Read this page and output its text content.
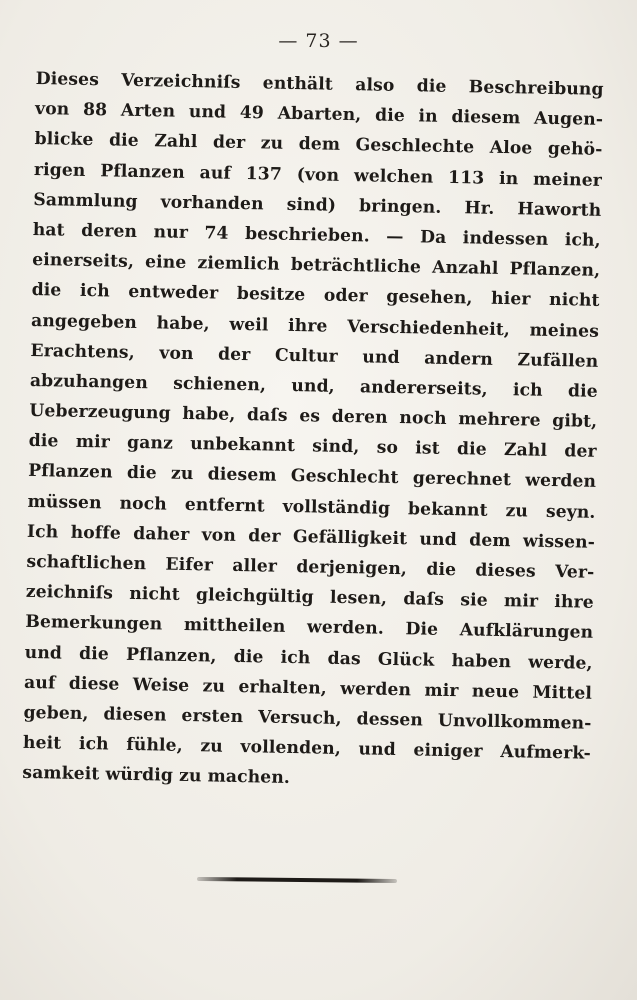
— 73 —
Dieses Verzeichniſs enthält also die Beschreibung
von 88 Arten und 49 Abarten, die in diesem Augen-
blicke die Zahl der zu dem Geschlechte Aloe gehö-
rigen Pflanzen auf 137 (von welchen 113 in meiner
Sammlung vorhanden sind) bringen. Hr. Haworth
hat deren nur 74 beschrieben. — Da indessen ich,
einerseits, eine ziemlich beträchtliche Anzahl Pflanzen,
die ich entweder besitze oder gesehen, hier nicht
angegeben habe, weil ihre Verschiedenheit, meines
Erachtens, von der Cultur und andern Zufällen
abzuhangen schienen, und, andererseits, ich die
Ueberzeugung habe, daſs es deren noch mehrere gibt,
die mir ganz unbekannt sind, so ist die Zahl der
Pflanzen die zu diesem Geschlecht gerechnet werden
müssen noch entfernt vollständig bekannt zu seyn.
Ich hoffe daher von der Gefälligkeit und dem wissen-
schaftlichen Eifer aller derjenigen, die dieses Ver-
zeichniſs nicht gleichgültig lesen, daſs sie mir ihre
Bemerkungen mittheilen werden. Die Aufklärungen
und die Pflanzen, die ich das Glück haben werde,
auf diese Weise zu erhalten, werden mir neue Mittel
geben, diesen ersten Versuch, dessen Unvollkommen-
heit ich fühle, zu vollenden, und einiger Aufmerk-
samkeit würdig zu machen.
